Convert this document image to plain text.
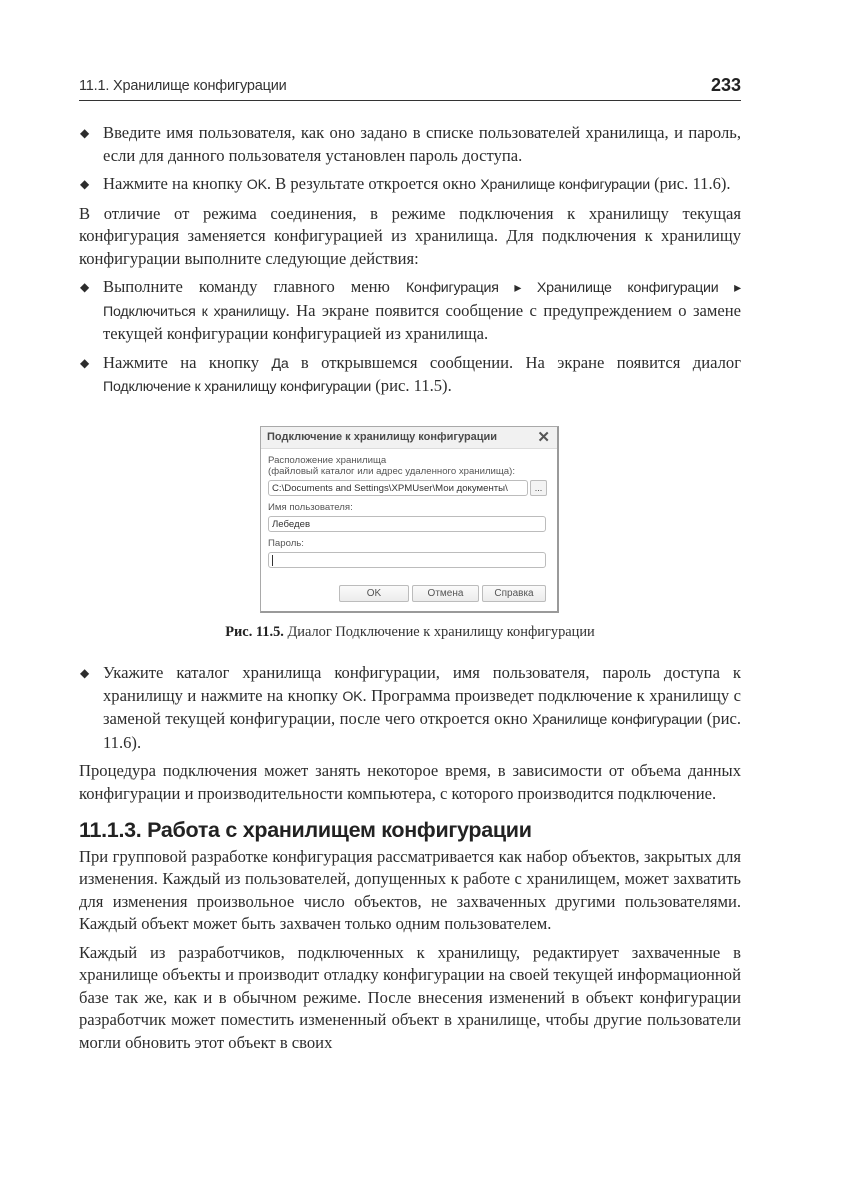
11.1. Хранилище конфигурации	233
◆ Введите имя пользователя, как оно задано в списке пользователей хранилища, и пароль, если для данного пользователя установлен пароль доступа.
◆ Нажмите на кнопку OK. В результате откроется окно Хранилище конфигурации (рис. 11.6).

В отличие от режима соединения, в режиме подключения к хранилищу текущая конфигурация заменяется конфигурацией из хранилища. Для подключения к хранилищу конфигурации выполните следующие действия:

◆ Выполните команду главного меню Конфигурация ▸ Хранилище конфигурации ▸ Подключиться к хранилищу. На экране появится сообщение с предупреждением о замене текущей конфигурации конфигурацией из хранилища.
◆ Нажмите на кнопку Да в открывшемся сообщении. На экране появится диалог Подключение к хранилищу конфигурации (рис. 11.5).
Подключение к хранилищу конфигурации	✕
Расположение хранилища
(файловый каталог или адрес удаленного хранилища):
C:\Documents and Settings\XPMUser\Мои документы\	...
Имя пользователя:
Лебедев
Пароль:
OK	Отмена	Справка
Рис. 11.5. Диалог Подключение к хранилищу конфигурации
◆ Укажите каталог хранилища конфигурации, имя пользователя, пароль доступа к хранилищу и нажмите на кнопку OK. Программа произведет подключение к хранилищу с заменой текущей конфигурации, после чего откроется окно Хранилище конфигурации (рис. 11.6).

Процедура подключения может занять некоторое время, в зависимости от объема данных конфигурации и производительности компьютера, с которого производится подключение.

11.1.3. Работа с хранилищем конфигурации

При групповой разработке конфигурация рассматривается как набор объектов, закрытых для изменения. Каждый из пользователей, допущенных к работе с хранилищем, может захватить для изменения произвольное число объектов, не захваченных другими пользователями. Каждый объект может быть захвачен только одним пользователем.

Каждый из разработчиков, подключенных к хранилищу, редактирует захваченные в хранилище объекты и производит отладку конфигурации на своей текущей информационной базе так же, как и в обычном режиме. После внесения изменений в объект конфигурации разработчик может поместить измененный объект в хранилище, чтобы другие пользователи могли обновить этот объект в своих
